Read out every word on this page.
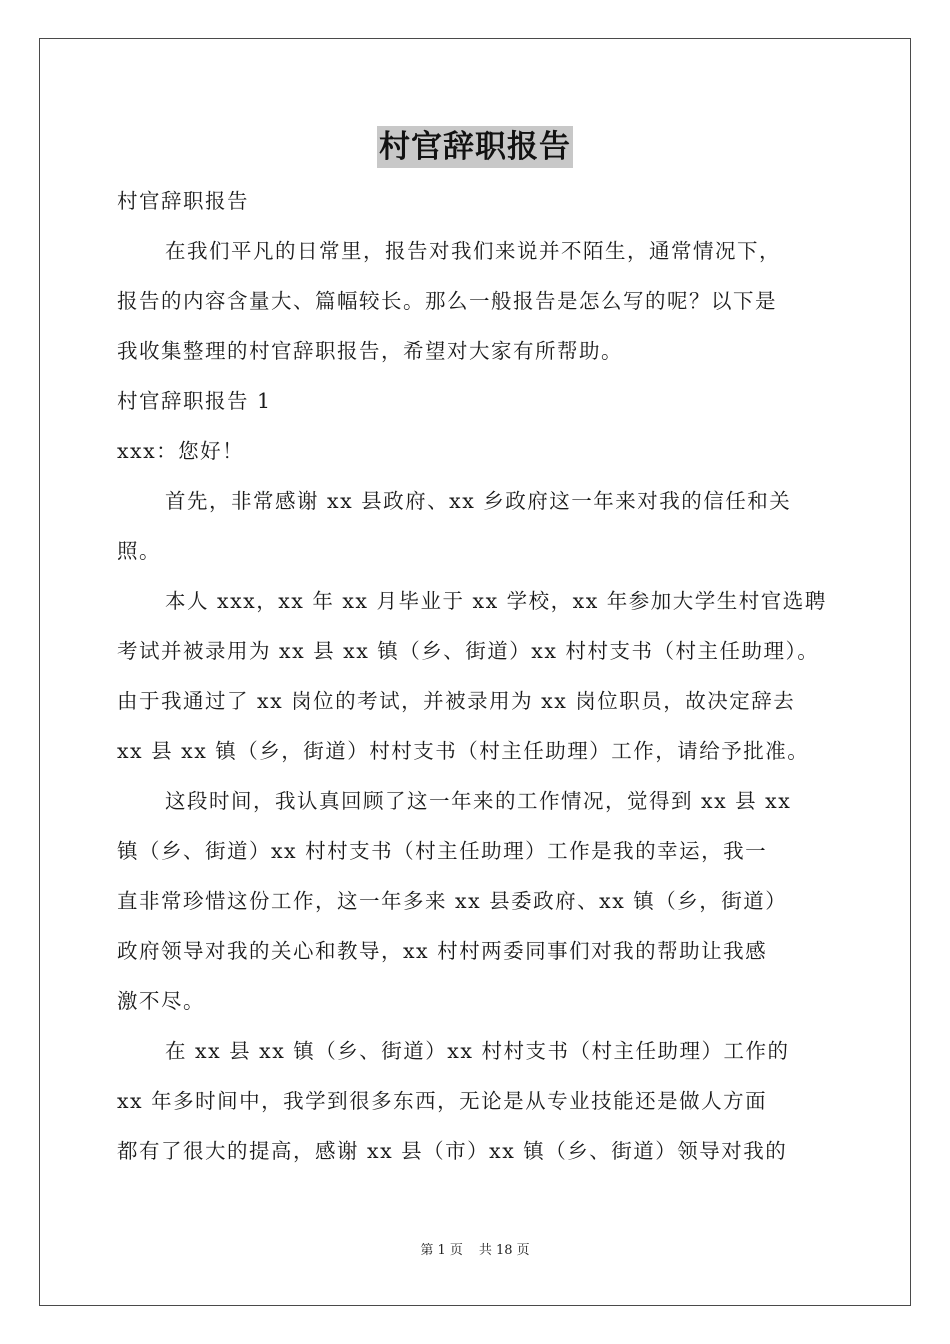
村官辞职报告
村官辞职报告
在我们平凡的日常里，报告对我们来说并不陌生，通常情况下，
报告的内容含量大、篇幅较长。那么一般报告是怎么写的呢？以下是
我收集整理的村官辞职报告，希望对大家有所帮助。
村官辞职报告 1
xxx：您好！
首先，非常感谢 xx 县政府、xx 乡政府这一年来对我的信任和关
照。
本人 xxx，xx 年 xx 月毕业于 xx 学校，xx 年参加大学生村官选聘
考试并被录用为 xx 县 xx 镇（乡、街道）xx 村村支书（村主任助理）。
由于我通过了 xx 岗位的考试，并被录用为 xx 岗位职员，故决定辞去
xx 县 xx 镇（乡，街道）村村支书（村主任助理）工作，请给予批准。
这段时间，我认真回顾了这一年来的工作情况，觉得到 xx 县 xx
镇（乡、街道）xx 村村支书（村主任助理）工作是我的幸运，我一
直非常珍惜这份工作，这一年多来 xx 县委政府、xx 镇（乡，街道）
政府领导对我的关心和教导，xx 村村两委同事们对我的帮助让我感
激不尽。
在 xx 县 xx 镇（乡、街道）xx 村村支书（村主任助理）工作的
xx 年多时间中，我学到很多东西，无论是从专业技能还是做人方面
都有了很大的提高，感谢 xx 县（市）xx 镇（乡、街道）领导对我的
第 1 页 共 18 页
